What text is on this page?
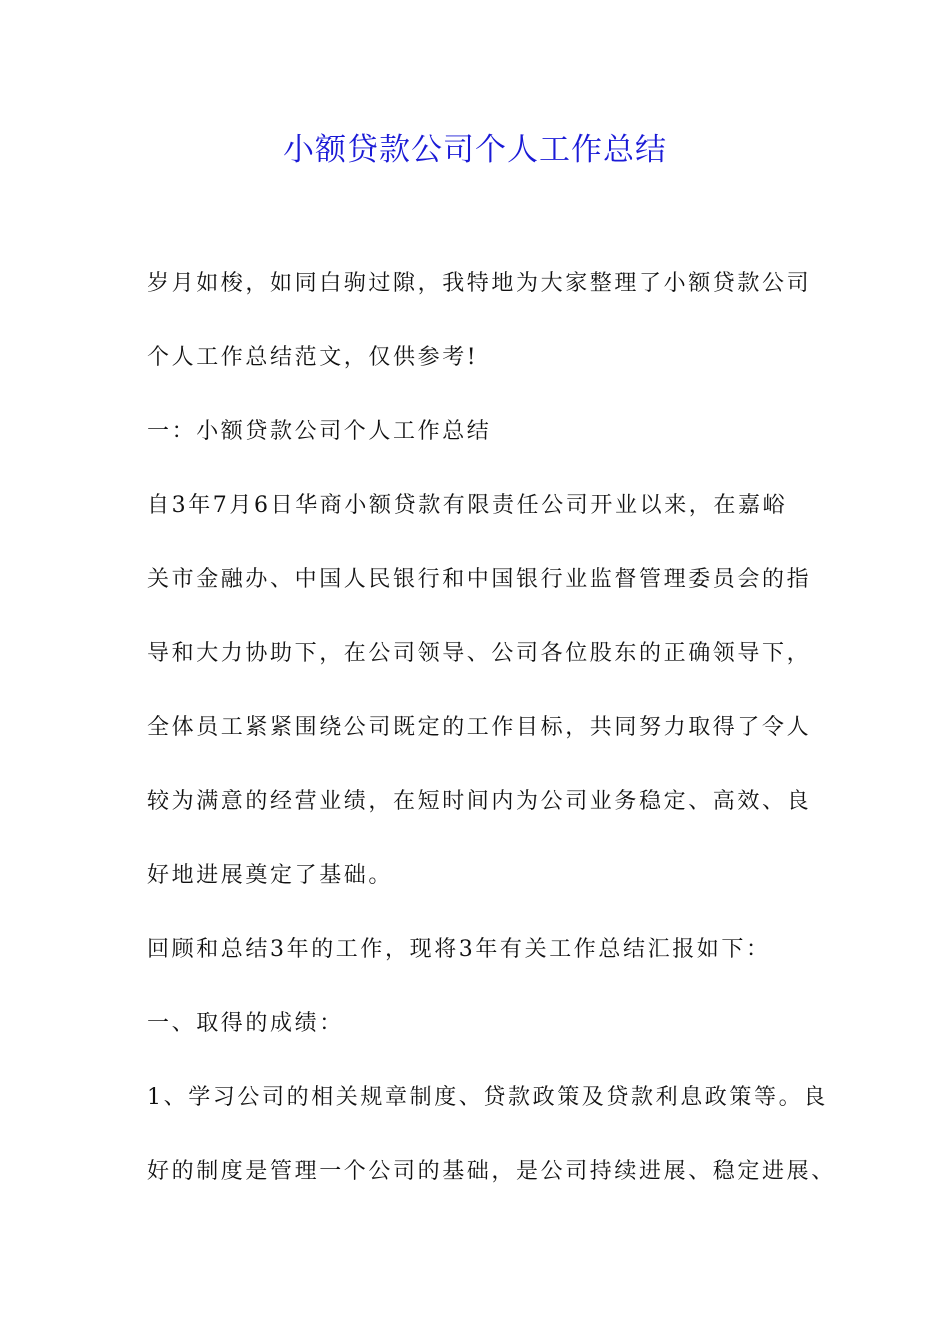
小额贷款公司个人工作总结
岁月如梭，如同白驹过隙，我特地为大家整理了小额贷款公司
个人工作总结范文，仅供参考!
一：小额贷款公司个人工作总结
自3年7月6日华商小额贷款有限责任公司开业以来，在嘉峪
关市金融办、中国人民银行和中国银行业监督管理委员会的指
导和大力协助下，在公司领导、公司各位股东的正确领导下，
全体员工紧紧围绕公司既定的工作目标，共同努力取得了令人
较为满意的经营业绩，在短时间内为公司业务稳定、高效、良
好地进展奠定了基础。
回顾和总结3年的工作，现将3年有关工作总结汇报如下：
一、取得的成绩：
1、学习公司的相关规章制度、贷款政策及贷款利息政策等。良
好的制度是管理一个公司的基础，是公司持续进展、稳定进展、
